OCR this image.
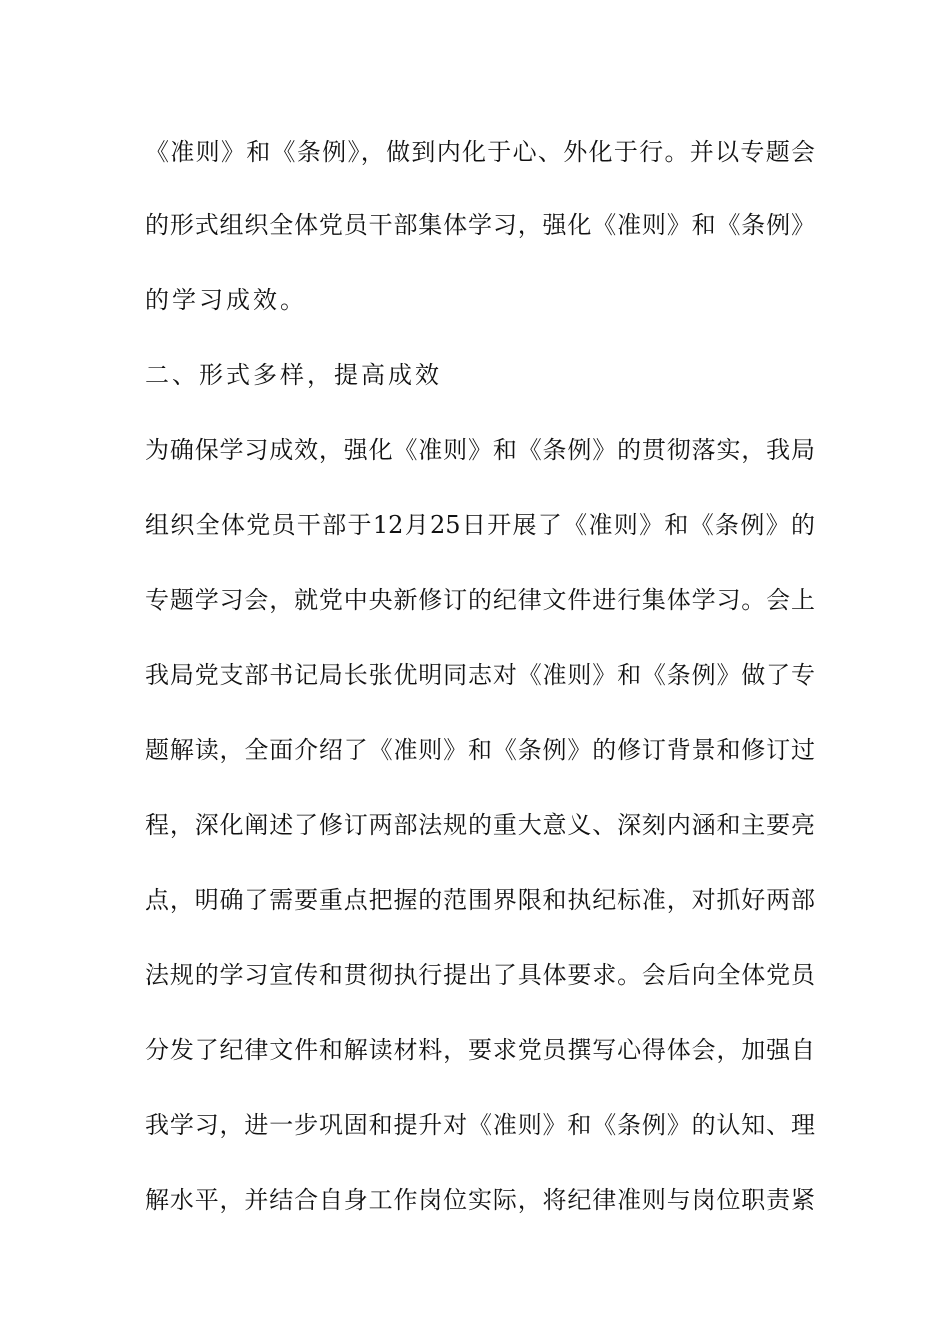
《准则》和《条例》，做到内化于心、外化于行。并以专题会
的形式组织全体党员干部集体学习，强化《准则》和《条例》
的学习成效。
二、形式多样，提高成效
为确保学习成效，强化《准则》和《条例》的贯彻落实，我局
组织全体党员干部于12月25日开展了《准则》和《条例》的
专题学习会，就党中央新修订的纪律文件进行集体学习。会上
我局党支部书记局长张优明同志对《准则》和《条例》做了专
题解读，全面介绍了《准则》和《条例》的修订背景和修订过
程，深化阐述了修订两部法规的重大意义、深刻内涵和主要亮
点，明确了需要重点把握的范围界限和执纪标准，对抓好两部
法规的学习宣传和贯彻执行提出了具体要求。会后向全体党员
分发了纪律文件和解读材料，要求党员撰写心得体会，加强自
我学习，进一步巩固和提升对《准则》和《条例》的认知、理
解水平，并结合自身工作岗位实际，将纪律准则与岗位职责紧
